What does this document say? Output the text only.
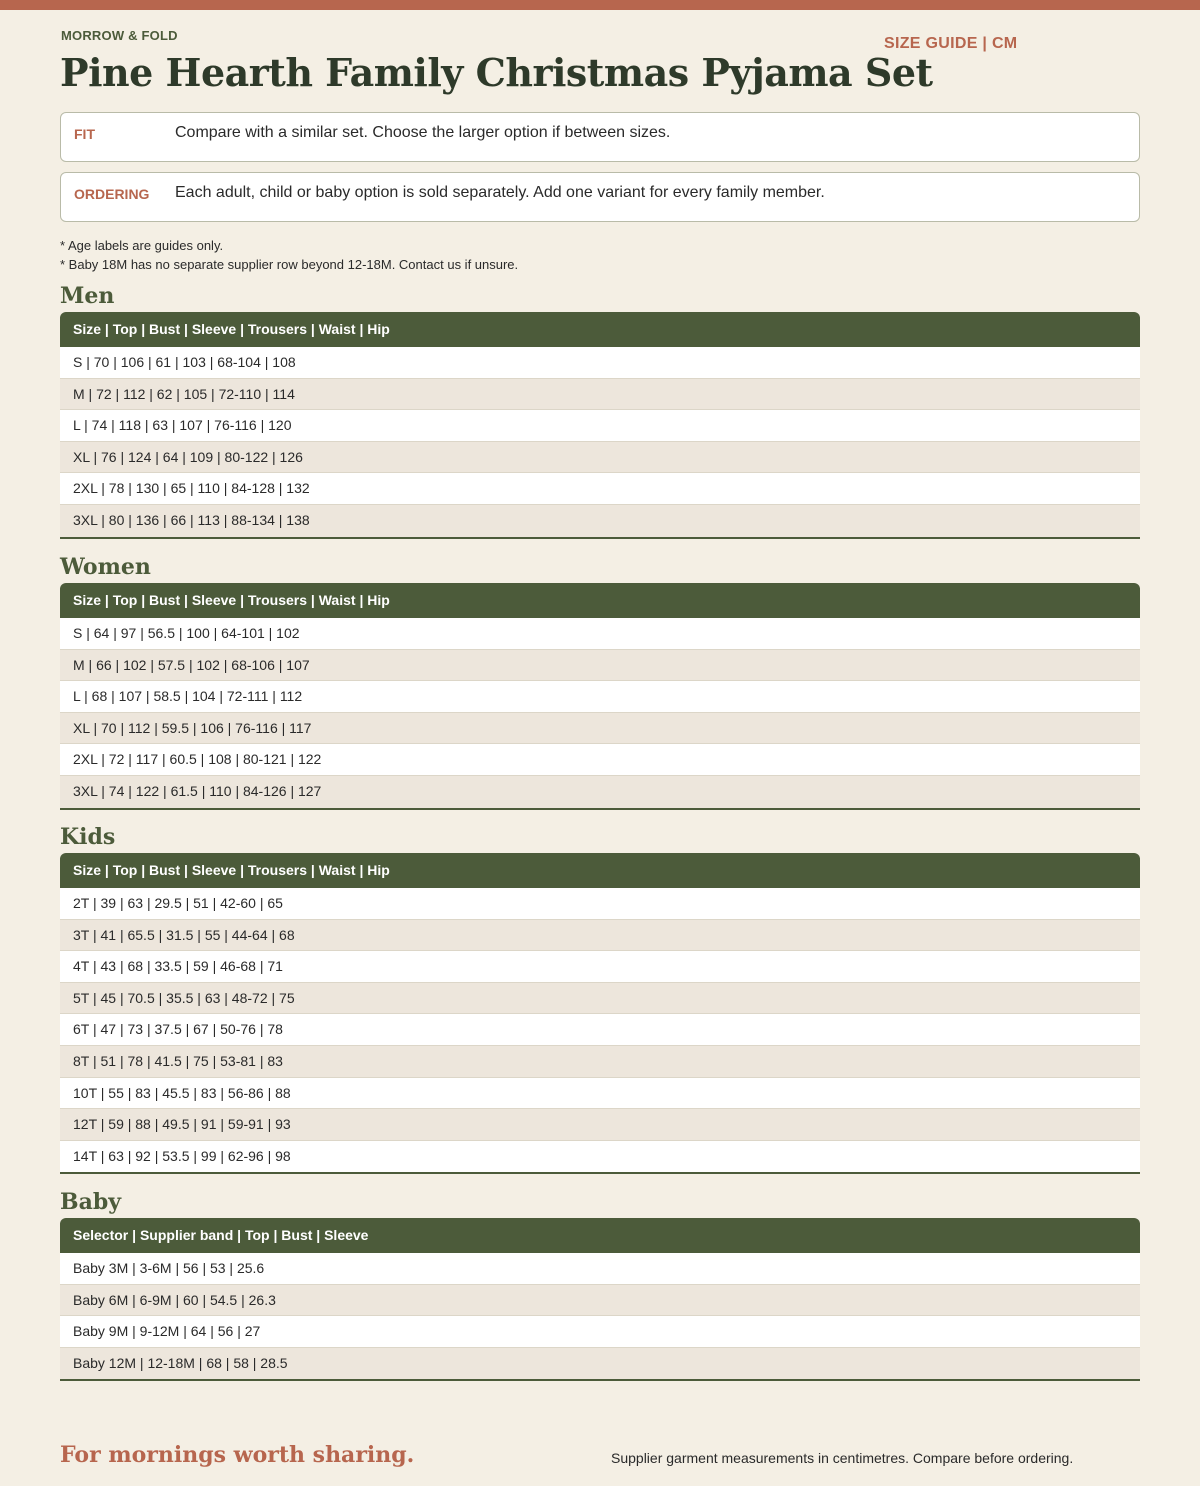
MORROW & FOLD	SIZE GUIDE | CM
Pine Hearth Family Christmas Pyjama Set
FIT	Compare with a similar set. Choose the larger option if between sizes.
ORDERING Each adult, child or baby option is sold separately. Add one variant for every family member.
* Age labels are guides only.
* Baby 18M has no separate supplier row beyond 12-18M. Contact us if unsure.
Men
Size | Top | Bust | Sleeve | Trousers | Waist | Hip
S | 70 | 106 | 61 | 103 | 68-104 | 108
M | 72 | 112 | 62 | 105 | 72-110 | 114
L | 74 | 118 | 63 | 107 | 76-116 | 120
XL | 76 | 124 | 64 | 109 | 80-122 | 126
2XL | 78 | 130 | 65 | 110 | 84-128 | 132
3XL | 80 | 136 | 66 | 113 | 88-134 | 138
Women
Size | Top | Bust | Sleeve | Trousers | Waist | Hip
S | 64 | 97 | 56.5 | 100 | 64-101 | 102
M | 66 | 102 | 57.5 | 102 | 68-106 | 107
L | 68 | 107 | 58.5 | 104 | 72-111 | 112
XL | 70 | 112 | 59.5 | 106 | 76-116 | 117
2XL | 72 | 117 | 60.5 | 108 | 80-121 | 122
3XL | 74 | 122 | 61.5 | 110 | 84-126 | 127
Kids
Size | Top | Bust | Sleeve | Trousers | Waist | Hip
2T | 39 | 63 | 29.5 | 51 | 42-60 | 65
3T | 41 | 65.5 | 31.5 | 55 | 44-64 | 68
4T | 43 | 68 | 33.5 | 59 | 46-68 | 71
5T | 45 | 70.5 | 35.5 | 63 | 48-72 | 75
6T | 47 | 73 | 37.5 | 67 | 50-76 | 78
8T | 51 | 78 | 41.5 | 75 | 53-81 | 83
10T | 55 | 83 | 45.5 | 83 | 56-86 | 88
12T | 59 | 88 | 49.5 | 91 | 59-91 | 93
14T | 63 | 92 | 53.5 | 99 | 62-96 | 98
Baby
Selector | Supplier band | Top | Bust | Sleeve
Baby 3M | 3-6M | 56 | 53 | 25.6
Baby 6M | 6-9M | 60 | 54.5 | 26.3
Baby 9M | 9-12M | 64 | 56 | 27
Baby 12M | 12-18M | 68 | 58 | 28.5
For mornings worth sharing.	Supplier garment measurements in centimetres. Compare before ordering.
